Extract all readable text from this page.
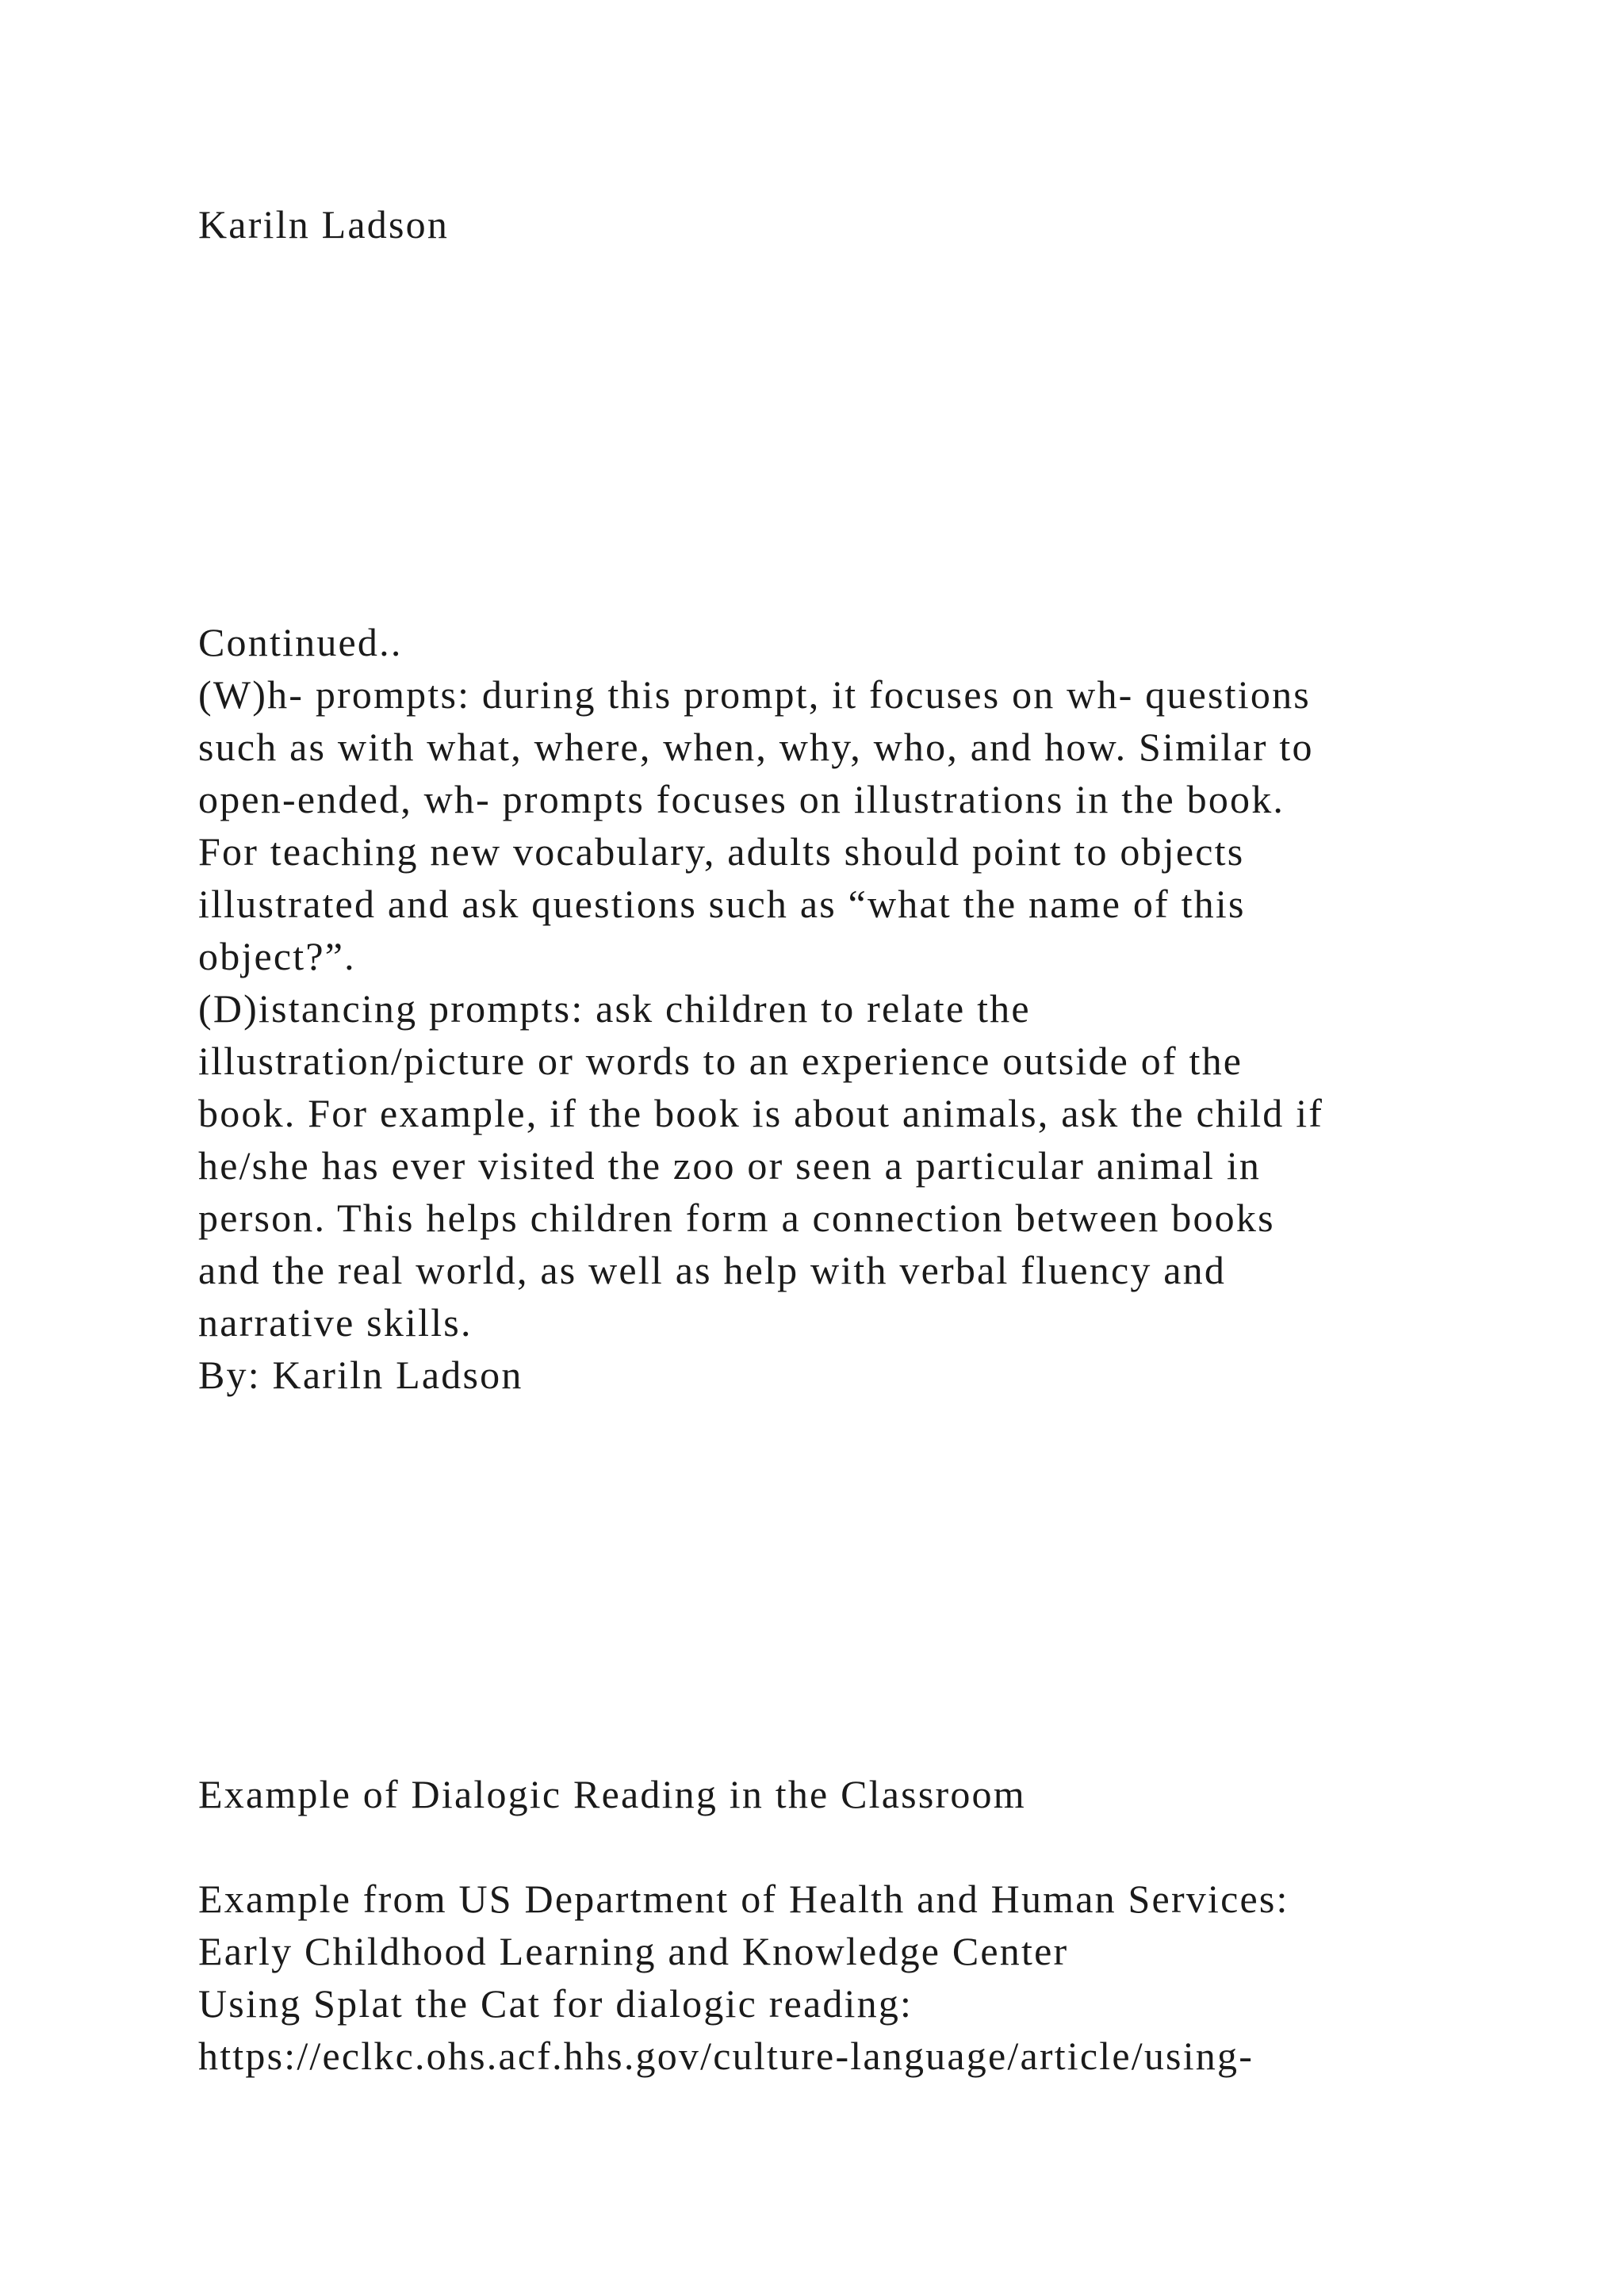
Kariln Ladson

Continued..

(W)h- prompts: during this prompt, it focuses on wh- questions

such as with what, where, when, why, who, and how. Similar to

open-ended, wh- prompts focuses on illustrations in the book.

For teaching new vocabulary, adults should point to objects

illustrated and ask questions such as “what the name of this

object?”.

(D)istancing prompts: ask children to relate the

illustration/picture or words to an experience outside of the

book. For example, if the book is about animals, ask the child if

he/she has ever visited the zoo or seen a particular animal in

person. This helps children form a connection between books

and the real world, as well as help with verbal fluency and

narrative skills.

By: Kariln Ladson

Example of Dialogic Reading in the Classroom

Example from US Department of Health and Human Services:

Early Childhood Learning and Knowledge Center

Using Splat the Cat for dialogic reading:

https://eclkc.ohs.acf.hhs.gov/culture-language/article/using-
